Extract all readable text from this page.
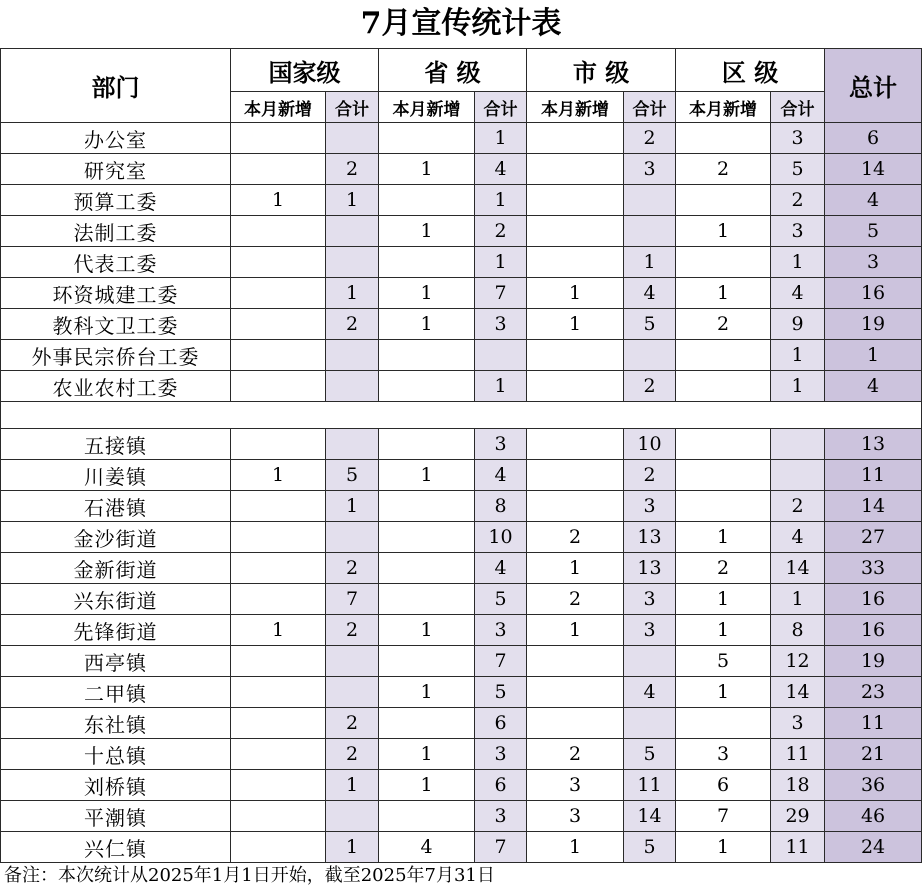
7月宣传统计表
部门	国家级		省 级		市 级		区 级		总计
	本月新增	合计	本月新增	合计	本月新增	合计	本月新增	合计	
办公室				1		2		3	6
研究室		2	1	4		3	2	5	14
预算工委	1	1		1				2	4
法制工委			1	2			1	3	5
代表工委				1		1		1	3
环资城建工委		1	1	7	1	4	1	4	16
教科文卫工委		2	1	3	1	5	2	9	19
外事民宗侨台工委								1	1
农业农村工委				1		2		1	4

五接镇				3		10			13
川姜镇	1	5	1	4		2			11
石港镇		1		8		3		2	14
金沙街道				10	2	13	1	4	27
金新街道		2		4	1	13	2	14	33
兴东街道		7		5	2	3	1	1	16
先锋街道	1	2	1	3	1	3	1	8	16
西亭镇				7			5	12	19
二甲镇			1	5		4	1	14	23
东社镇		2		6				3	11
十总镇		2	1	3	2	5	3	11	21
刘桥镇		1	1	6	3	11	6	18	36
平潮镇				3	3	14	7	29	46
兴仁镇		1	4	7	1	5	1	11	24
备注：本次统计从2025年1月1日开始，截至2025年7月31日
